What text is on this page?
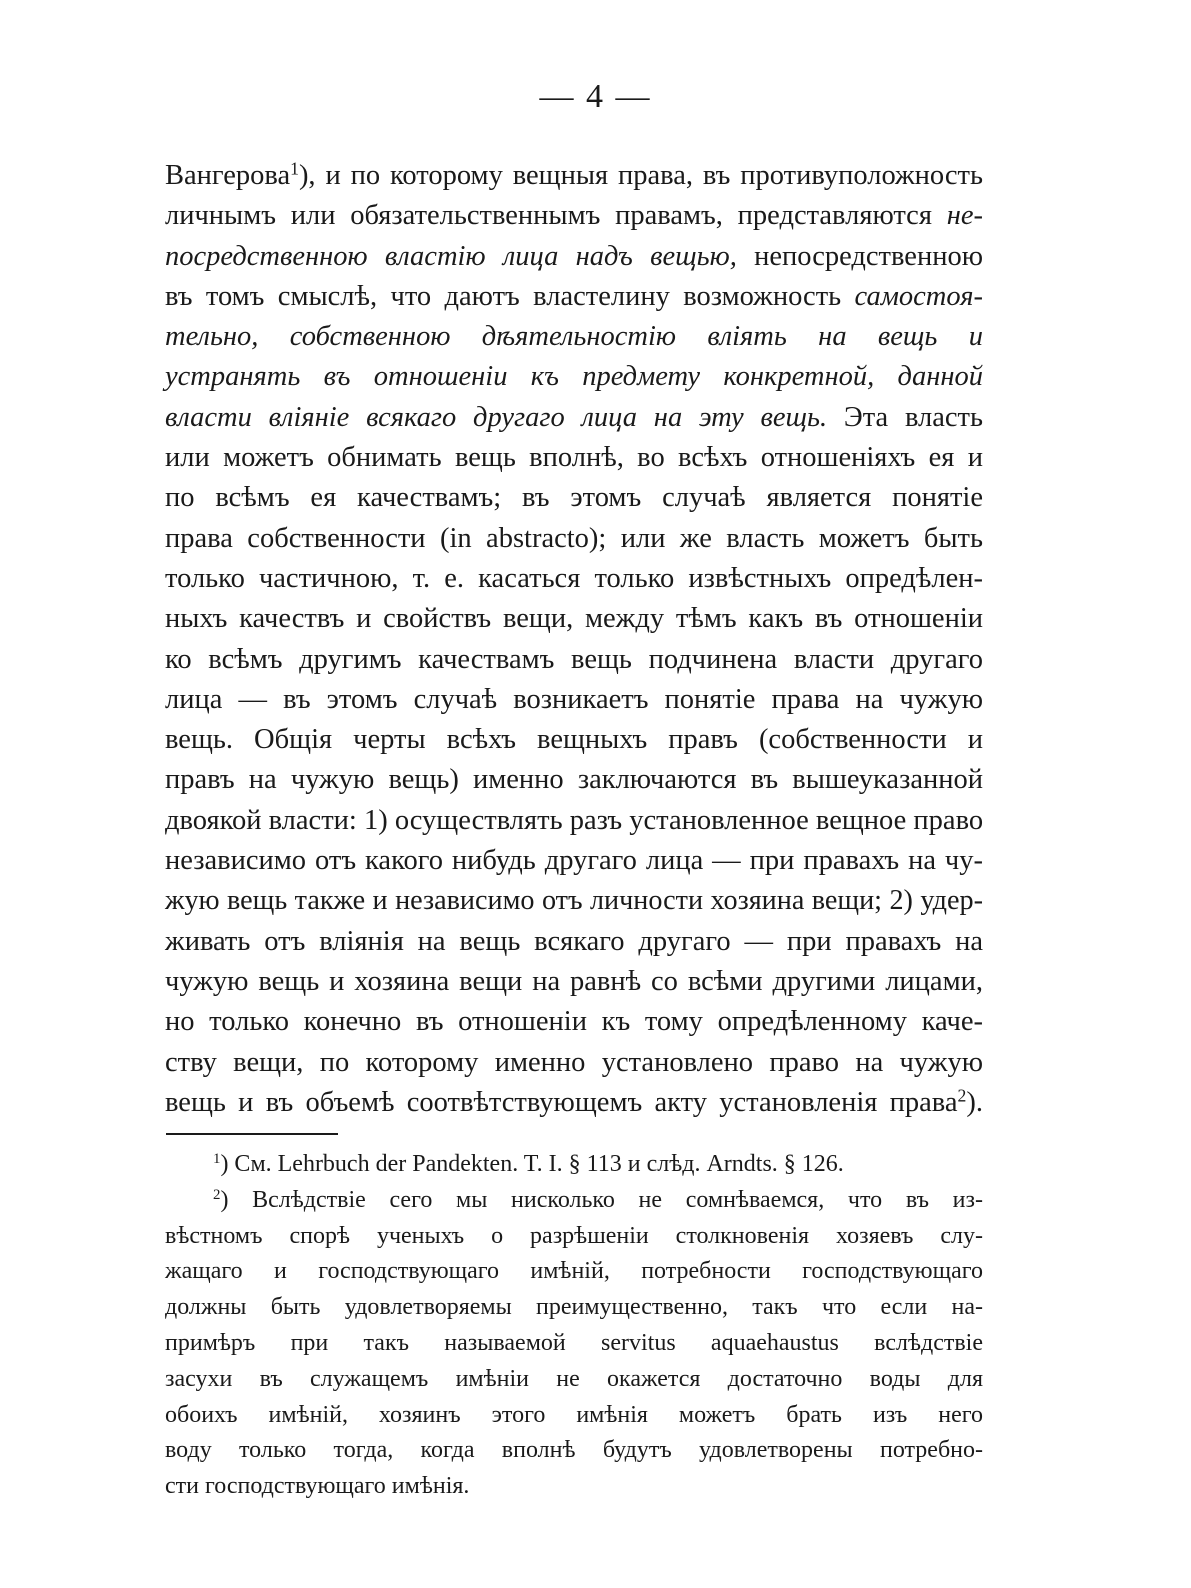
— 4 —
Вангерова$^1$), и по которому вещныя права, въ противуположность
личнымъ или обязательственнымъ правамъ, представляются не-
посредственною властію лица надъ вещью, непосредственною
въ томъ смыслѣ, что даютъ властелину возможность самостоя-
тельно, собственною дѣятельностію вліять на вещь и
устранять въ отношеніи къ предмету конкретной, данной
власти вліяніе всякаго другаго лица на эту вещь. Эта власть
или можетъ обнимать вещь вполнѣ, во всѣхъ отношеніяхъ ея и
по всѣмъ ея качествамъ; въ этомъ случаѣ является понятіе
права собственности (in abstracto); или же власть можетъ быть
только частичною, т. е. касаться только извѣстныхъ опредѣлен-
ныхъ качествъ и свойствъ вещи, между тѣмъ какъ въ отношеніи
ко всѣмъ другимъ качествамъ вещь подчинена власти другаго
лица — въ этомъ случаѣ возникаетъ понятіе права на чужую
вещь. Общія черты всѣхъ вещныхъ правъ (собственности и
правъ на чужую вещь) именно заключаются въ вышеуказанной
двоякой власти: 1) осуществлять разъ установленное вещное право
независимо отъ какого нибудь другаго лица — при правахъ на чу-
жую вещь также и независимо отъ личности хозяина вещи; 2) удер-
живать отъ вліянія на вещь всякаго другаго — при правахъ на
чужую вещь и хозяина вещи на равнѣ со всѣми другими лицами,
но только конечно въ отношеніи къ тому опредѣленному каче-
ству вещи, по которому именно установлено право на чужую
вещь и въ объемѣ соотвѣтствующемъ акту установленія права$^2$).
$^1$) См. Lehrbuch der Pandekten. T. I. § 113 и слѣд. Arndts. § 126.
$^2$) Вслѣдствіе сего мы нисколько не сомнѣваемся, что въ из-
вѣстномъ спорѣ ученыхъ о разрѣшеніи столкновенія хозяевъ слу-
жащаго и господствующаго имѣній, потребности господствующаго
должны быть удовлетворяемы преимущественно, такъ что если на-
примѣръ при такъ называемой servitus aquaehaustus вслѣдствіе
засухи въ служащемъ имѣніи не окажется достаточно воды для
обоихъ имѣній, хозяинъ этого имѣнія можетъ брать изъ него
воду только тогда, когда вполнѣ будутъ удовлетворены потребно-
сти господствующаго имѣнія.
